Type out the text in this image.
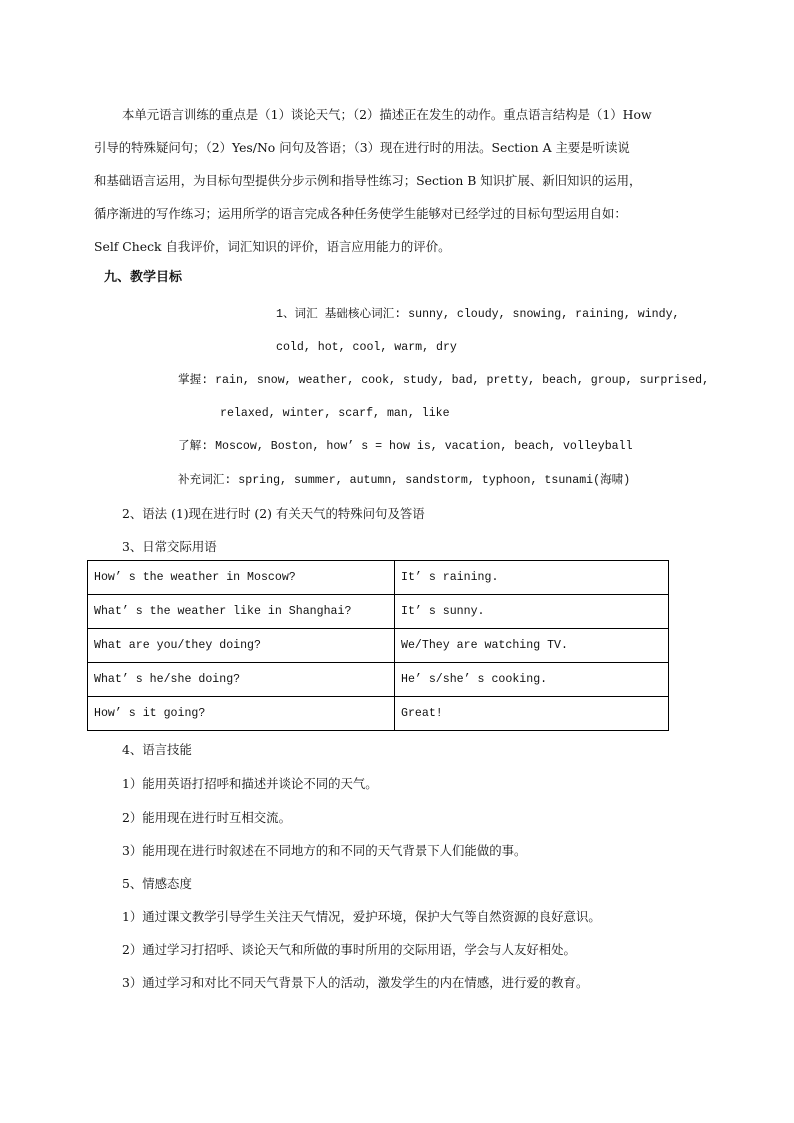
本单元语言训练的重点是（1）谈论天气；（2）描述正在发生的动作。重点语言结构是（1）How
引导的特殊疑问句；（2）Yes/No 问句及答语；（3）现在进行时的用法。Section A 主要是听读说
和基础语言运用，为目标句型提供分步示例和指导性练习；Section B 知识扩展、新旧知识的运用，
循序渐进的写作练习；运用所学的语言完成各种任务使学生能够对已经学过的目标句型运用自如：
Self Check 自我评价，词汇知识的评价，语言应用能力的评价。
九、教学目标
1、词汇 基础核心词汇: sunny, cloudy, snowing, raining, windy,
cold, hot, cool, warm, dry
掌握: rain, snow, weather, cook, study, bad, pretty, beach, group, surprised,
relaxed, winter, scarf, man, like
了解: Moscow, Boston, how’ s = how is, vacation, beach, volleyball
补充词汇: spring, summer, autumn, sandstorm, typhoon, tsunami(海啸)
2、语法 (1)现在进行时 (2) 有关天气的特殊问句及答语
3、日常交际用语
How’ s the weather in Moscow?	It’ s raining.
What’ s the weather like in Shanghai?	It’ s sunny.
What are you/they doing?	We/They are watching TV.
What’ s he/she doing?	He’ s/she’ s cooking.
How’ s it going?	Great!
4、语言技能
1）能用英语打招呼和描述并谈论不同的天气。
2）能用现在进行时互相交流。
3）能用现在进行时叙述在不同地方的和不同的天气背景下人们能做的事。
5、情感态度
1）通过课文教学引导学生关注天气情况，爱护环境，保护大气等自然资源的良好意识。
2）通过学习打招呼、谈论天气和所做的事时所用的交际用语，学会与人友好相处。
3）通过学习和对比不同天气背景下人的活动，激发学生的内在情感，进行爱的教育。
